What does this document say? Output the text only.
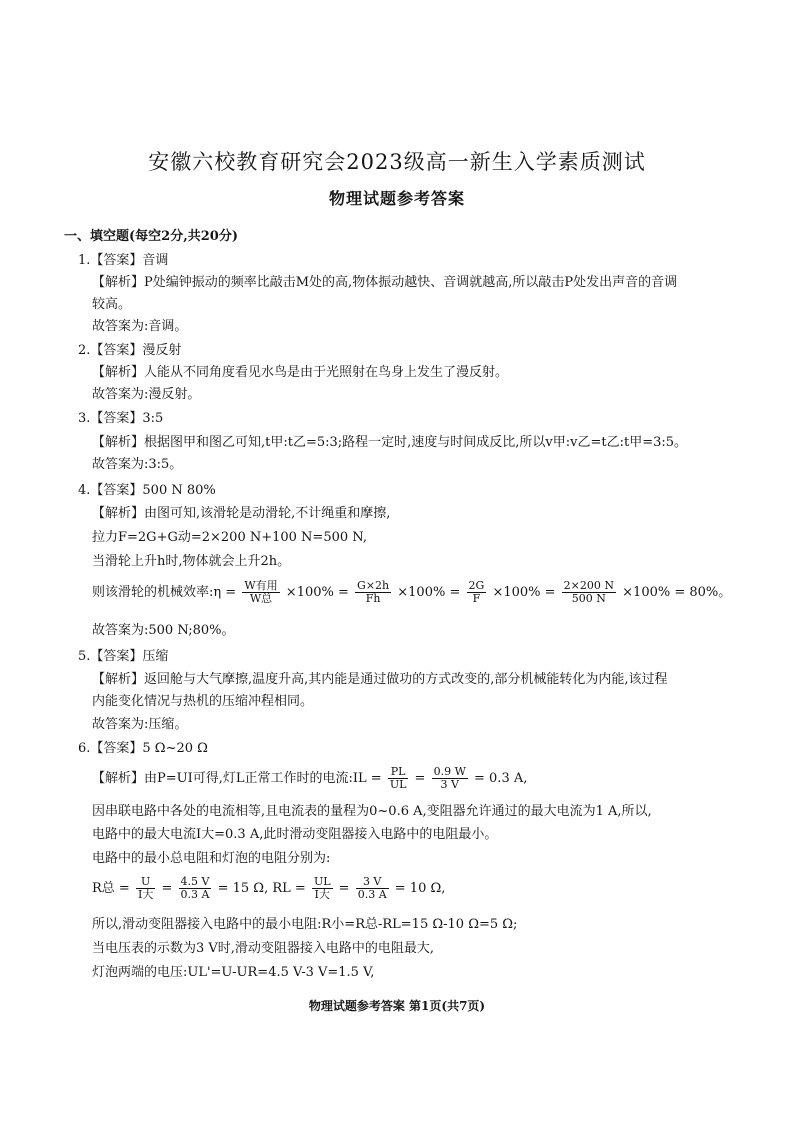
安徽六校教育研究会2023级高一新生入学素质测试
物理试题参考答案
一、填空题(每空2分,共20分)
1.【答案】音调
【解析】P处编钟振动的频率比敲击M处的高,物体振动越快、音调就越高,所以敲击P处发出声音的音调
较高。
故答案为:音调。
2.【答案】漫反射
【解析】人能从不同角度看见水鸟是由于光照射在鸟身上发生了漫反射。
故答案为:漫反射。
3.【答案】3:5
【解析】根据图甲和图乙可知,t甲:t乙=5:3;路程一定时,速度与时间成反比,所以v甲:v乙=t乙:t甲=3:5。
故答案为:3:5。
4.【答案】500 N 80%
【解析】由图可知,该滑轮是动滑轮,不计绳重和摩擦,
拉力F=2G+G动=2×200 N+100 N=500 N,
当滑轮上升h时,物体就会上升2h。
则该滑轮的机械效率:η = $\frac{\text{W有用}}{\text{W总}} \times 100\% = \frac{G\times 2h}{Fh} \times 100\% = \frac{2G}{F} \times 100\% = \frac{2\times 200 N}{500 N} \times 100\% = 80\%$。
故答案为:500 N;80%。
5.【答案】压缩
【解析】返回舱与大气摩擦,温度升高,其内能是通过做功的方式改变的,部分机械能转化为内能,该过程
内能变化情况与热机的压缩冲程相同。
故答案为:压缩。
6.【答案】5 Ω~20 Ω
【解析】由P=UI可得,灯L正常工作时的电流:IL = $\frac{PL}{UL} = \frac{0.9 W}{3 V} = 0.3$ A,
因串联电路中各处的电流相等,且电流表的量程为0~0.6 A,变阻器允许通过的最大电流为1 A,所以,
电路中的最大电流I大=0.3 A,此时滑动变阻器接入电路中的电阻最小。
电路中的最小总电阻和灯泡的电阻分别为:
R总 = $\frac{U}{\text{I大}} = \frac{4.5 V}{0.3 A} = 15$ Ω, RL = $\frac{UL}{\text{I大}} = \frac{3 V}{0.3 A} = 10$ Ω,
所以,滑动变阻器接入电路中的最小电阻:R小=R总-RL=15 Ω-10 Ω=5 Ω;
当电压表的示数为3 V时,滑动变阻器接入电路中的电阻最大,
灯泡两端的电压:UL'=U-UR=4.5 V-3 V=1.5 V,
物理试题参考答案 第1页(共7页)
